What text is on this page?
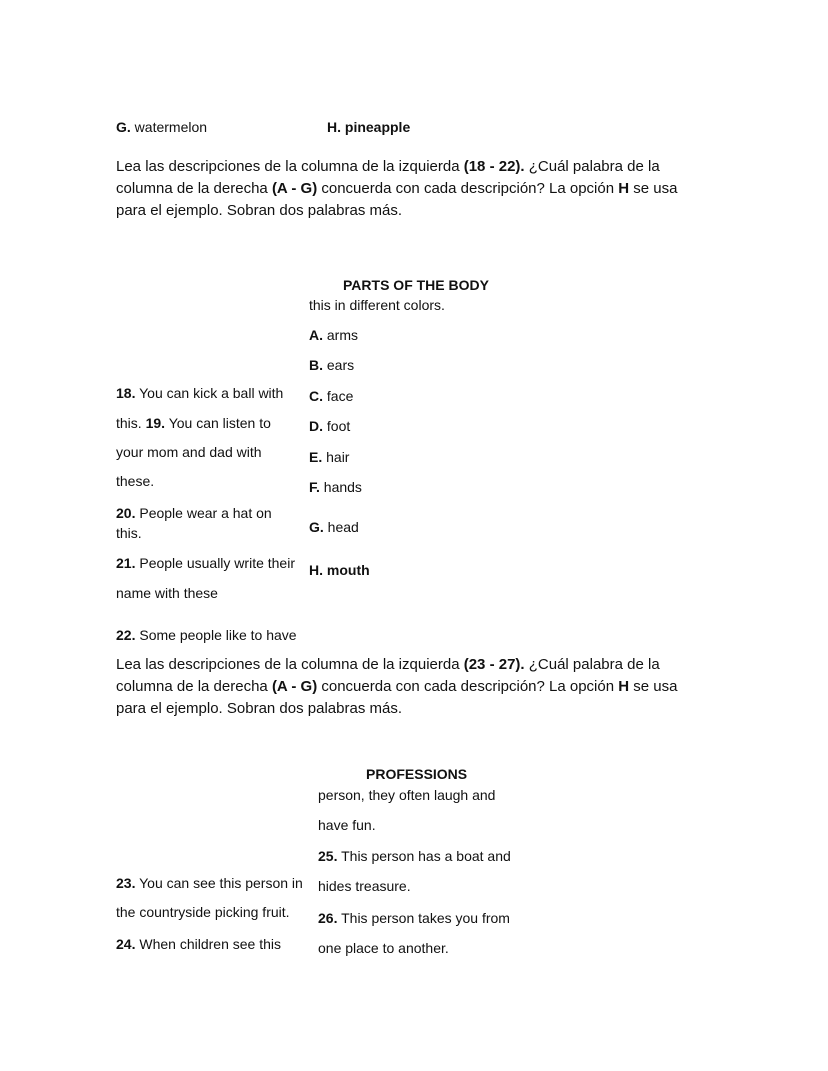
G. watermelon	H. pineapple
Lea las descripciones de la columna de la izquierda (18 - 22). ¿Cuál palabra de la
columna de la derecha (A - G) concuerda con cada descripción? La opción H se usa
para el ejemplo. Sobran dos palabras más.
PARTS OF THE BODY
this in different colors.
A. arms
B. ears
C. face
D. foot
E. hair
F. hands
G. head
H. mouth
18. You can kick a ball with
this. 19. You can listen to
your mom and dad with
these.
20. People wear a hat on
this.
21. People usually write their
name with these
22. Some people like to have
Lea las descripciones de la columna de la izquierda (23 - 27). ¿Cuál palabra de la
columna de la derecha (A - G) concuerda con cada descripción? La opción H se usa
para el ejemplo. Sobran dos palabras más.
PROFESSIONS
person, they often laugh and
have fun.
25. This person has a boat and
hides treasure.
26. This person takes you from
one place to another.
23. You can see this person in
the countryside picking fruit.
24. When children see this
